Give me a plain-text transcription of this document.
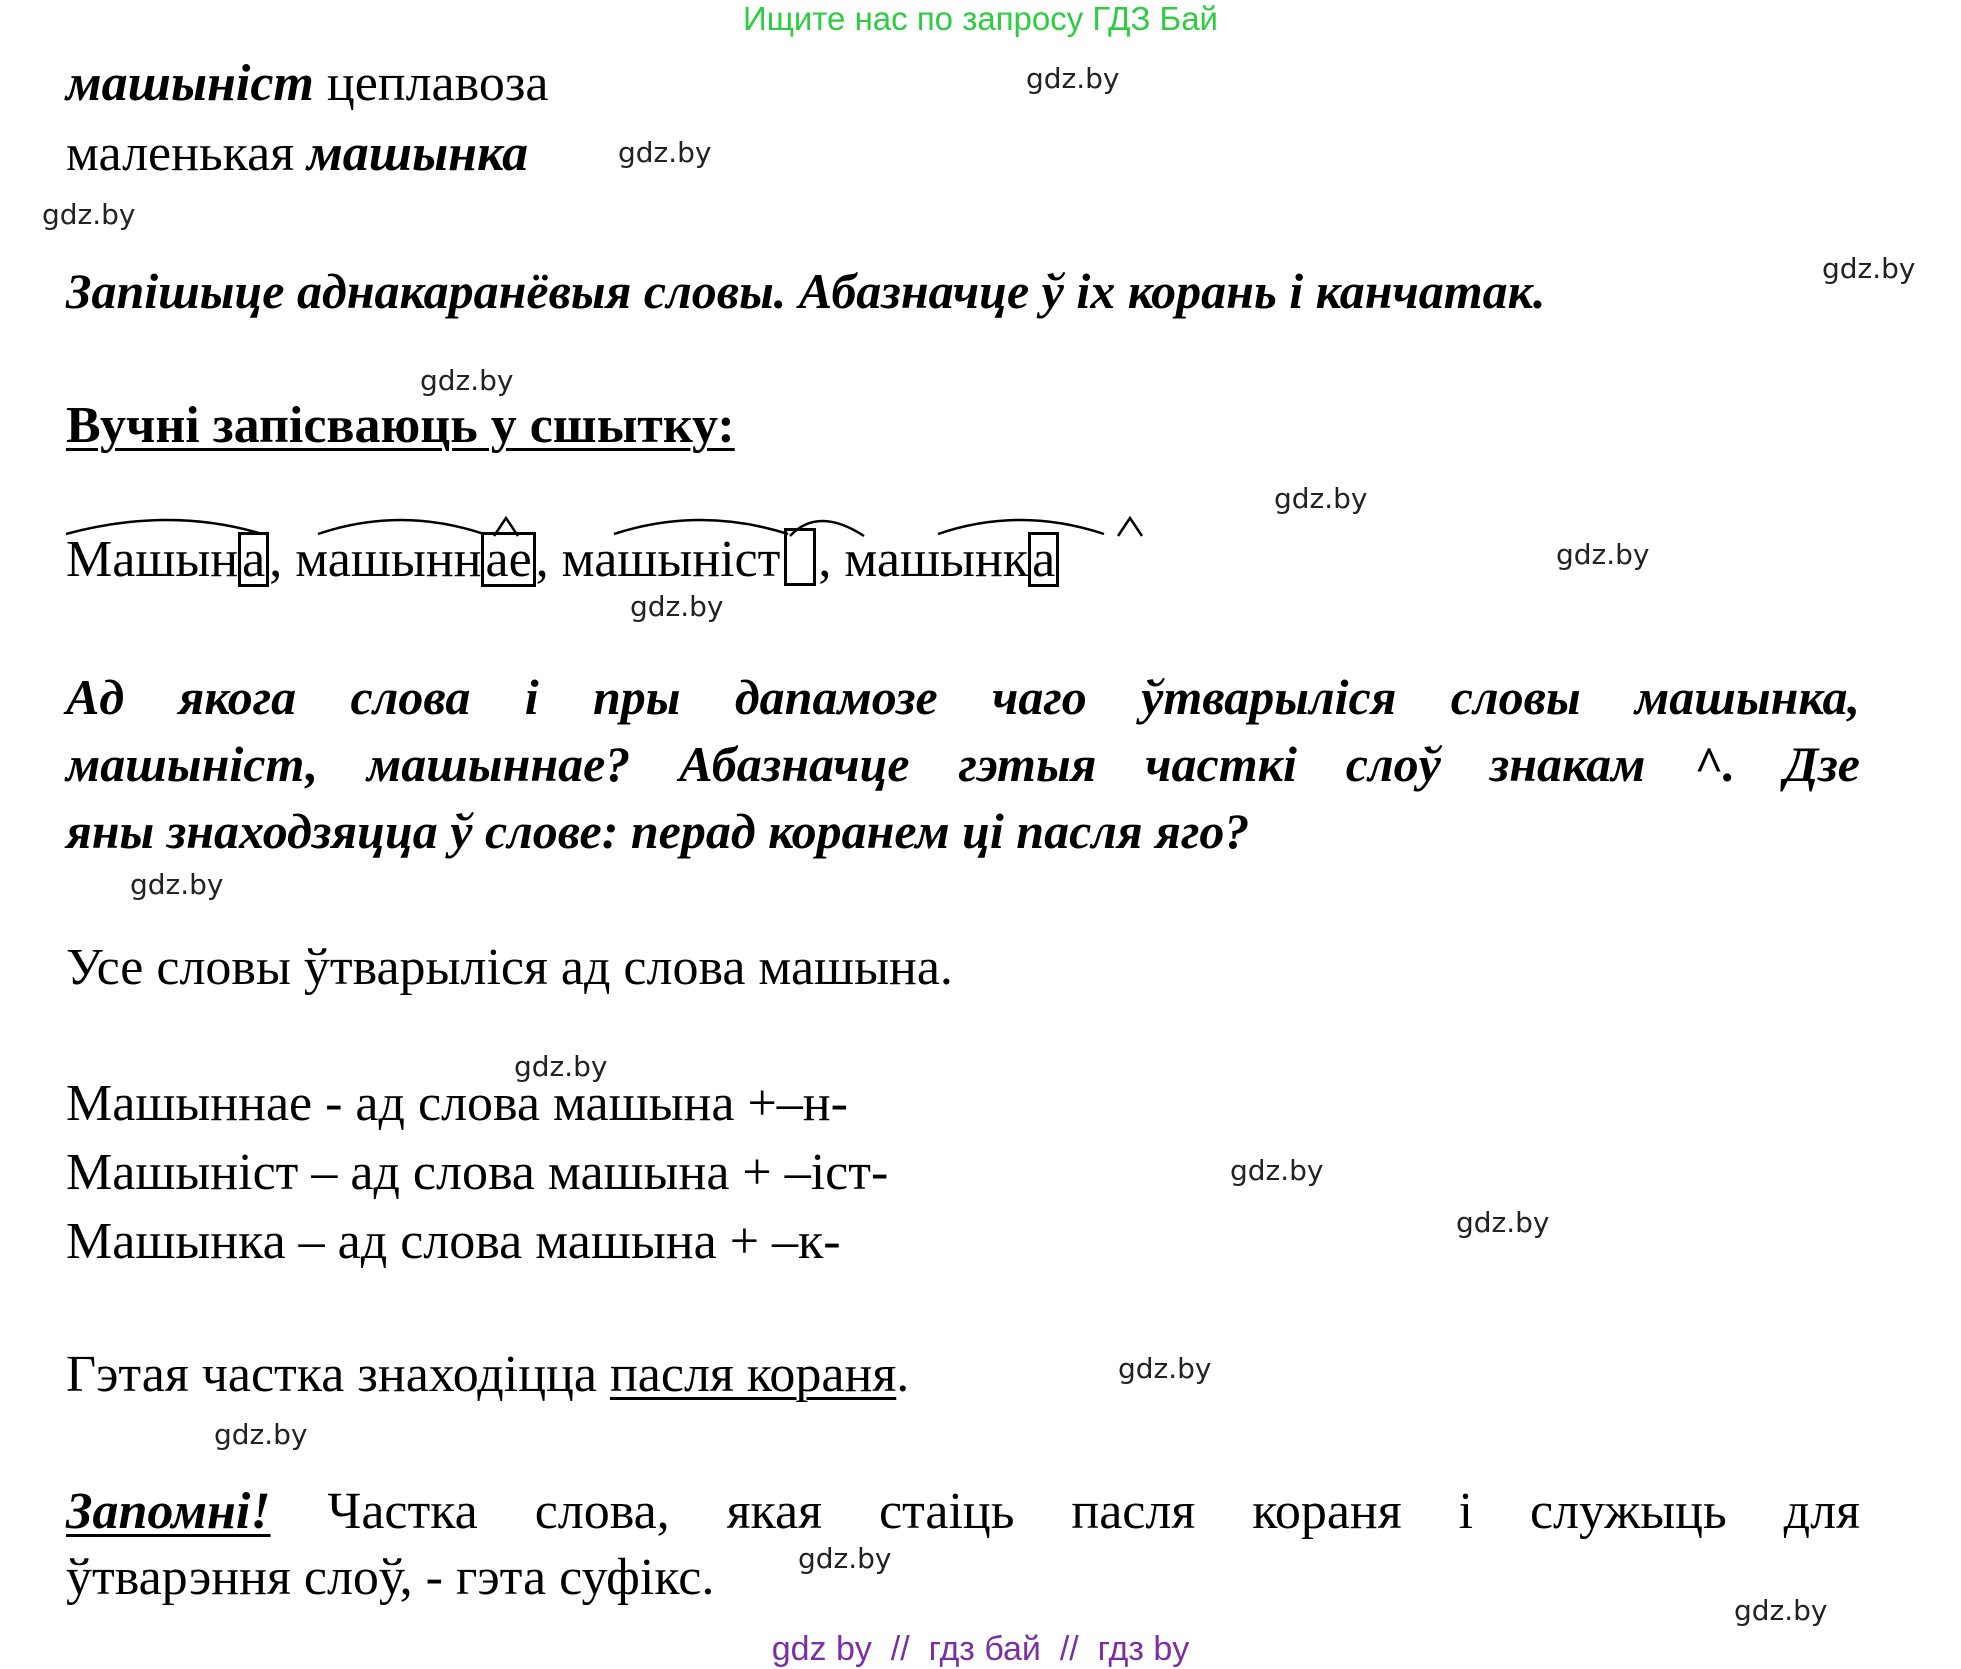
Ищите нас по запросу ГДЗ Бай
машыніст цеплавоза
маленькая машынка
Запішыце аднакаранёвыя словы. Абазначце ў іх корань і канчатак.
Вучні запісваюць у сшытку:
Машына, машыннае, машыніст , машынка
Ад якога слова і пры дапамозе чаго ўтварыліся словы машынка,
машыніст, машыннае? Абазначце гэтыя часткі слоў знакам ^. Дзе
яны знаходзяцца ў слове: перад коранем ці пасля яго?
Усе словы ўтварыліся ад слова машына.
Машыннае - ад слова машына +–н-
Машыніст – ад слова машына + –іст-
Машынка – ад слова машына + –к-
Гэтая частка знаходіцца пасля кораня.
Запомні! Частка слова, якая стаіць пасля кораня і служыць для
ўтварэння слоў, - гэта суфікс.
gdz.by
gdz.by
gdz.by
gdz.by
gdz.by
gdz.by
gdz.by
gdz.by
gdz.by
gdz.by
gdz.by
gdz.by
gdz.by
gdz.by
gdz.by
gdz.by
gdz by  //  гдз бай  //  гдз by
